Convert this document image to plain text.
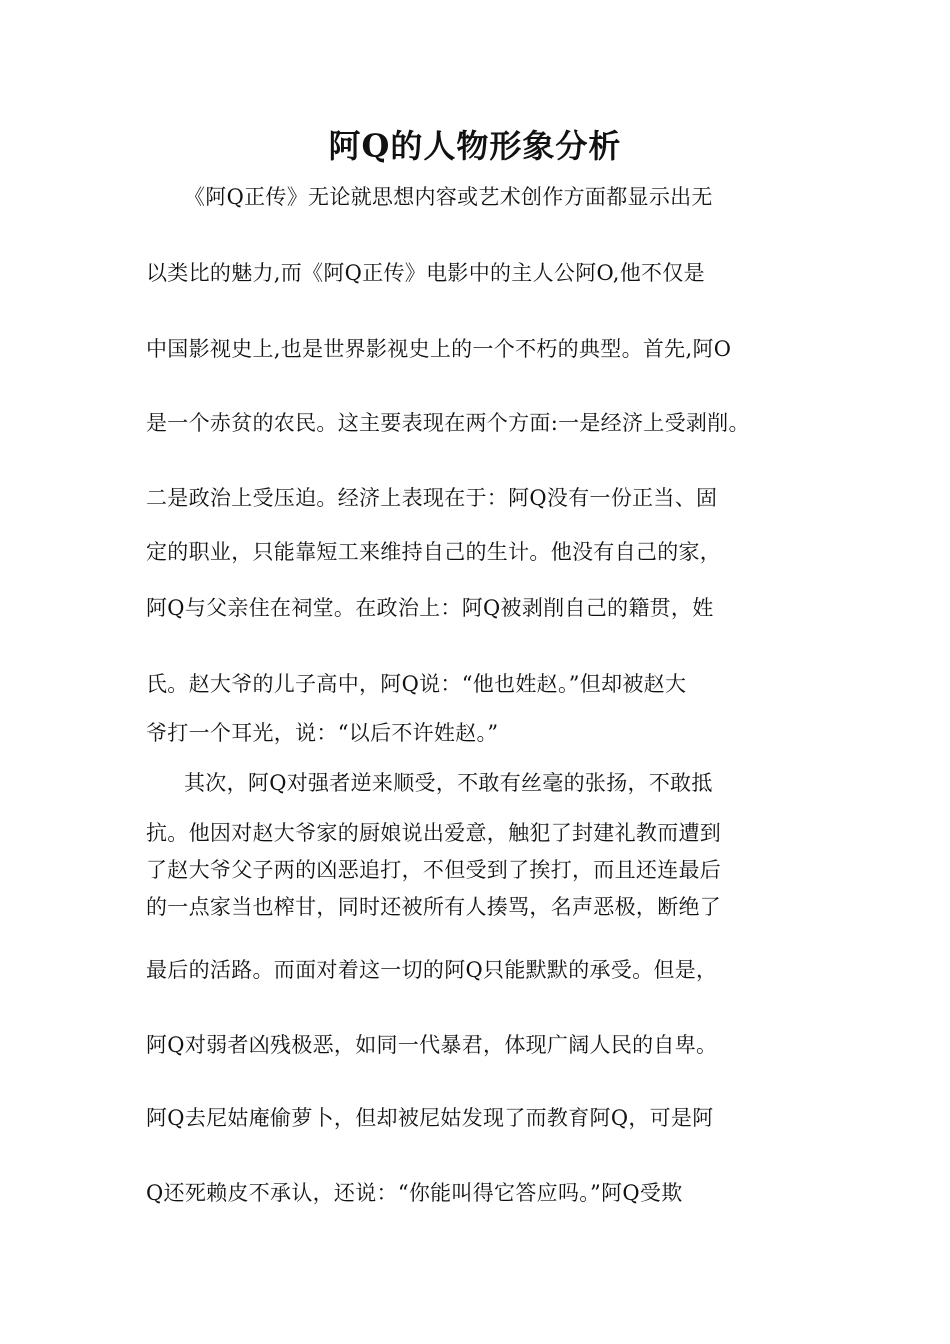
阿Q的人物形象分析
《阿Q正传》无论就思想内容或艺术创作方面都显示出无
以类比的魅力,而《阿Q正传》电影中的主人公阿O,他不仅是
中国影视史上,也是世界影视史上的一个不朽的典型。首先,阿O
是一个赤贫的农民。这主要表现在两个方面:一是经济上受剥削。
二是政治上受压迫。经济上表现在于：阿Q没有一份正当、固
定的职业，只能靠短工来维持自己的生计。他没有自己的家，
阿Q与父亲住在祠堂。在政治上：阿Q被剥削自己的籍贯，姓
氏。赵大爷的儿子高中，阿Q说：“他也姓赵。”但却被赵大
爷打一个耳光，说：“以后不许姓赵。”
其次，阿Q对强者逆来顺受，不敢有丝毫的张扬，不敢抵
抗。他因对赵大爷家的厨娘说出爱意，触犯了封建礼教而遭到
了赵大爷父子两的凶恶追打，不但受到了挨打，而且还连最后
的一点家当也榨甘，同时还被所有人揍骂，名声恶极，断绝了
最后的活路。而面对着这一切的阿Q只能默默的承受。但是，
阿Q对弱者凶残极恶，如同一代暴君，体现广阔人民的自卑。
阿Q去尼姑庵偷萝卜，但却被尼姑发现了而教育阿Q，可是阿
Q还死赖皮不承认，还说：“你能叫得它答应吗。”阿Q受欺
